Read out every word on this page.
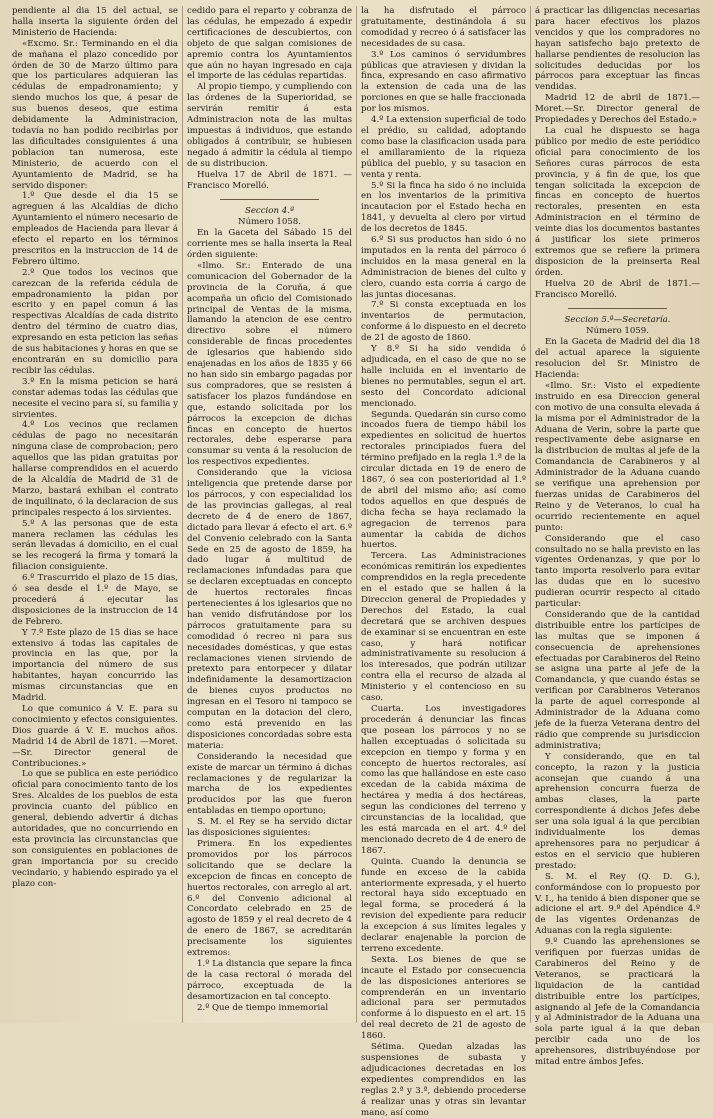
pendiente al dia 15 del actual, se halla inserta la siguiente órden del Ministerio de Hacienda:

«Excmo. Sr.: Terminando en el dia de mañana el plazo concedido por órden de 30 de Marzo último para que los particulares adquieran las cédulas de empadronamiento; y siendo muchos los que, á pesar de sus buenos deseos, que estima debidamente la Administracion, todavía no han podido recibirlas por las dificultades consiguientes á una poblacion tan numerosa, este Ministerio, de acuerdo con el Ayuntamiento de Madrid, se ha servido disponer:

1.º Que desde el dia 15 se agreguen á las Alcaldías de dicho Ayuntamiento el número necesario de empleados de Hacienda para llevar á efecto el reparto en los términos prescritos en la instruccion de 14 de Febrero último.

2.º Que todos los vecinos que carezcan de la referida cédula de empadronamiento la pidan por escrito y en papel comun á las respectivas Alcaldías de cada distrito dentro del término de cuatro dias, expresando en esta peticion las señas de sus habitaciones y horas en que se encontrarán en su domicilio para recibir las cédulas.

3.º En la misma peticion se hará constar ademas todas las cédulas que necesite el vecino para sí, su familia y sirvientes.

4.º Los vecinos que reclamen cédulas de pago no necesitarán ninguna clase de comprobacion; pero aquellos que las pidan gratuitas por hallarse comprendidos en el acuerdo de la Alcaldía de Madrid de 31 de Marzo, bastará exhiban el contrato de inquilinato, ó la declaracion de sus principales respecto á los sirvientes.

5.º A las personas que de esta manera reclamen las cédulas les serán llevadas á domicilio, en el cual se les recogerá la firma y tomará la filiacion consiguiente.

6.º Trascurrido el plazo de 15 dias, ó sea desde el 1.º de Mayo, se procederá á ejecutar las disposiciones de la instruccion de 14 de Febrero.

Y 7.º Este plazo de 15 dias se hace extensivo á todas las capitales de provincia en las que, por la importancia del número de sus habitantes, hayan concurrido las mismas circunstancias que en Madrid.

Lo que comunico á V. E. para su conocimiento y efectos consiguientes. Dios guarde á V. E. muchos años. Madrid 14 de Abril de 1871. —Moret.—Sr. Director general de Contribuciones.»

Lo que se publica en este periódico oficial para conocimiento tanto de los Sres. Alcaldes de los pueblos de esta provincia cuanto del público en general, debiendo advertir á dichas autoridades, que no concurriendo en esta provincia las circunstancias que son consiguientes en poblaciones de gran importancia por su crecido vecindario, y habiendo espirado ya el plazo con-

cedido para el reparto y cobranza de las cédulas, he empezado á expedir certificaciones de descubiertos, con objeto de que salgan comisiones de apremio contra los Ayuntamientos que aún no hayan ingresado en caja el importe de las cédulas repartidas.

Al propio tiempo, y cumpliendo con las órdenes de la Superioridad, se servirán remitir á esta Administracion nota de las multas impuestas á individuos, que estando obligados á contribuir, se hubiesen negado á admitir la cédula al tiempo de su distribucion.

Huelva 17 de Abril de 1871. — Francisco Morelló.

Seccion 4.ª

Número 1058.

En la Gaceta del Sábado 15 del corriente mes se halla inserta la Real órden siguiente:

«Ilmo. Sr.: Enterado de una comunicacion del Gobernador de la provincia de la Coruña, á que acompaña un oficio del Comisionado principal de Ventas de la misma, llamando la atencion de ese centro directivo sobre el número considerable de fincas procedentes de iglesarios que habiendo sido enajenadas en los años de 1835 y 66 no han sido sin embargo pagadas por sus compradores, que se resisten á satisfacer los plazos fundándose en que, estando solicitada por los párrocos la excepcion de dichas fincas en concepto de huertos rectorales, debe esperarse para consumar su venta á la resolucion de los respectivos expedientes.

Considerando que la viciosa inteligencia que pretende darse por los párrocos, y con especialidad los de las provincias gallegas, al real decreto de 4 de enero de 1867, dictado para llevar á efecto el art. 6.º del Convenio celebrado con la Santa Sede en 25 de agosto de 1859, ha dado lugar á multitud de reclamaciones infundadas para que se declaren exceptuadas en concepto de huertos rectorales fincas pertenecientes á los iglesarios que no han venido disfrutándose por los párrocos gratuitamente para su comodidad ó recreo ni para sus necesidades domésticas, y que estas reclamaciones vienen sirviendo de pretexto para entorpecer y dilatar indefinidamente la desamortizacion de bienes cuyos productos no ingresan en el Tesoro ni tampoco se computan en la dotacion del clero, como está prevenido en las disposiciones concordadas sobre esta materia:

Considerando la necesidad que existe de marcar un término á dichas reclamaciones y de regularizar la marcha de los expedientes producidos por las que fueron entabladas en tiempo oportuno;

S. M. el Rey se ha servido dictar las disposiciones siguientes:

Primera. En los expedientes promovidos por los párrocos solicitando que se declare la excepcion de fincas en concepto de huertos rectorales, con arreglo al art. 6.º del Convenio adicional al Concordato celebrado en 25 de agosto de 1859 y el real decreto de 4 de enero de 1867, se acreditarán precisamente los siguientes extremos:

1.º La distancia que separe la finca de la casa rectoral ó morada del párroco, exceptuada de la desamortizacion en tal concepto.

2.º Que de tiempo inmemorial

la ha disfrutado el párroco gratuitamente, destinándola á su comodidad y recreo ó á satisfacer las necesidades de su casa.

3.º Los caminos ó servidumbres públicas que atraviesen y dividan la finca, expresando en caso afirmativo la extension de cada una de las porciones en que se halle fraccionada por los mismos.

4.º La extension superficial de todo el prédio, su calidad, adoptando como base la clasificacion usada para el amillaramiento de la riqueza pública del pueblo, y su tasacion en venta y renta.

5.º Si la finca ha sido ó no incluida en los inventarios de la primitiva incautacion por el Estado hecha en 1841, y devuelta al clero por virtud de los decretos de 1845.

6.º Si sus productos han sido ó no imputados en la renta del párroco ó incluidos en la masa general en la Administracion de bienes del culto y clero, cuando esta corria á cargo de las juntas diocesanas.

7.º Si consta exceptuada en los inventarios de permutacion, conforme á lo dispuesto en el decreto de 21 de agosto de 1860.

Y 8.º Si ha sido vendida ó adjudicada, en el caso de que no se halle incluida en el inventario de bienes no permutables, segun el art. sesto del Concordato adicional mencionado.

Segunda. Quedarán sin curso como incoados fuera de tiempo hábil los expedientes en solicitud de huertos rectorales principiados fuera del término prefijado en la regla 1.ª de la circular dictada en 19 de enero de 1867, ó sea con posterioridad al 1.º de abril del mismo año; así como todos aquellos en que después de dicha fecha se haya reclamado la agregacion de terrenos para aumentar la cabida de dichos huertos.

Tercera. Las Administraciones económicas remitirán los expedientes comprendidos en la regla precedente en el estado que se hallen á la Direccion general de Propiedades y Derechos del Estado, la cual decretará que se archiven despues de examinar si se encuentran en este caso, y hará notificar administrativamente su resolucion á los interesados, que podrán utilizar contra ella el recurso de alzada al Ministerio y el contencioso en su caso.

Cuarta. Los investigadores procederán á denunciar las fincas que posean los párrocos y no se hallen exceptuadas ó solicitada su excepcion en tiempo y forma y en concepto de huertos rectorales, así como las que hallándose en este caso excedan de la cabida máxima de hectárea y media á dos hectáreas, segun las condiciones del terreno y circunstancias de la localidad, que les está marcada en el art. 4.º del mencionado decreto de 4 de enero de 1867.

Quinta. Cuando la denuncia se funde en exceso de la cabida anteriormente expresada, y el huerto rectoral haya sido exceptuado en legal forma, se procederá á la revision del expediente para reducir la excepcion á sus límites legales y declarar enajenable la porcion de terreno excedente.

Sexta. Los bienes de que se incaute el Estado por consecuencia de las disposiciones anteriores se comprenderán en un inventario adicional para ser permutados conforme á lo dispuesto en el art. 15 del real decreto de 21 de agosto de 1860.

Sétima. Quedan alzadas las suspensiones de subasta y adjudicaciones decretadas en los expedientes comprendidos en las reglas 2.ª y 3.ª, debiendo procederse á realizar unas y otras sin levantar mano, así como

á practicar las diligencias necesarias para hacer efectivos los plazos vencidos y que los compradores no hayan satisfecho bajo pretexto de hallarse pendientes de resolucion las solicitudes deducidas por los párrocos para exceptuar las fincas vendidas.

Madrid 12 de abril de 1871.—Moret.—Sr. Director general de Propiedades y Derechos del Estado.»

La cual he dispuesto se haga público por medio de este periódico oficial para conocimiento de los Señores curas párrocos de esta provincia, y á fin de que, los que tengan solicitada la excepcion de fincas en concepto de huertos rectorales, presenten en esta Administracion en el término de veinte dias los documentos bastantes á justificar los siete primeros extremos que se refiere la primera disposicion de la preinserta Real órden.

Huelva 20 de Abril de 1871.— Francisco Morelló.

Seccion 5.ª—Secretaría.

Número 1059.

En la Gaceta de Madrid del dia 18 del actual aparece la siguiente resolucion del Sr. Ministro de Hacienda:

«Ilmo. Sr.: Visto el expediente instruido en esa Direccion general con motivo de una consulta elevada á la misma por el Administrador de la Aduana de Verin, sobre la parte que respectivamente debe asignarse en la distribucion de multas al jefe de la Comandancia de Carabineros y al Administrador de la Aduana cuando se verifique una aprehension por fuerzas unidas de Carabineros del Reino y de Veteranos, lo cual ha ocurrido recientemente en aquel punto:

Considerando que el caso consultado no se halla previsto en las vigentes Ordenanzas, y que por lo tanto importa resolverlo para evitar las dudas que en lo sucesivo pudieran ocurrir respecto al citado particular:

Considerando que de la cantidad distribuible entre los partícipes de las multas que se imponen á consecuencia de aprehensiones efectuadas por Carabineros del Reino se asigna una parte al jefe de la Comandancia, y que cuando éstas se verifican por Carabineros Veteranos la parte de aquel corresponde al Administrador de la Aduana como jefe de la fuerza Veterana dentro del rádio que comprende su jurisdiccion administrativa;

Y considerando, que en tal concepto, la razon y la justicia aconsejan que cuando á una aprehension concurra fuerza de ambas clases, la parte correspondiente á dichos Jefes debe ser una sola igual á la que percibian individualmente los demas aprehensores para no perjudicar á estos en el servicio que hubieren prestado:

S. M. el Rey (Q. D. G.), conformándose con lo propuesto por V. I., ha tenido á bien disponer que se adicione el art. 9.º del Apéndice 4.º de las vigentes Ordenanzas de Aduanas con la regla siguiente:

9.º Cuando las aprehensiones se verifiquen por fuerzas unidas de Carabineros del Reino y de Veteranos, se practicará la liquidacion de la cantidad distribuible entre los partícipes, asignando al Jefe de la Comandancia y al Administrador de la Aduana una sola parte igual á la que deban percibir cada uno de los aprehensores, distribuyéndose por mitad entre ámbos Jefes.
